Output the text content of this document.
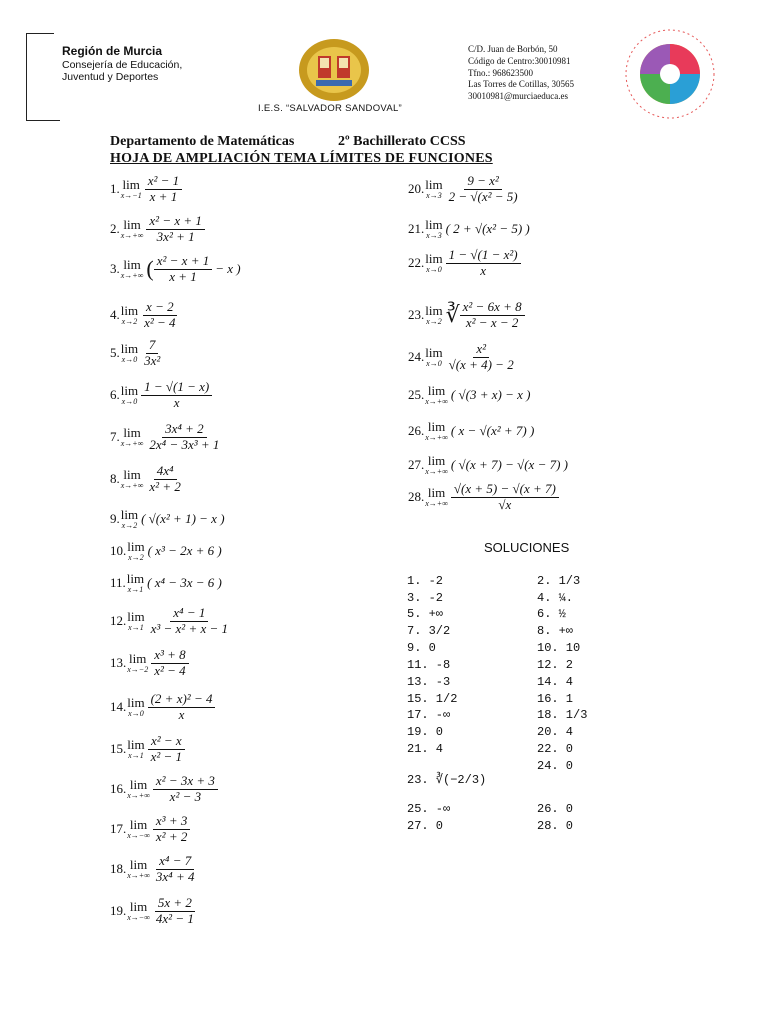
Región de Murcia
Consejería de Educación,
Juventud y Deportes
I.E.S. “SALVADOR SANDOVAL”
C/D. Juan de Borbón, 50
Código de Centro:30010981
Tfno.: 968623500
Las Torres de Cotillas, 30565
30010981@murciaeduca.es
Departamento de Matemáticas	2º Bachillerato CCSS
HOJA DE AMPLIACIÓN TEMA LÍMITES DE FUNCIONES
1. lim
$x\to-1 \frac{\text{x² − 1}}{x + 1}$
2. lim
$x\to+\infty \frac{\text{x² − x + 1}}{\text{3x² + 1}}$
3. lim
x→+∞ ( $\frac{\text{x² − x + 1}}{x + 1} - x$ )
4. lim
$x\to 2 \frac{x - 2}{\text{x² − 4}}$
5. lim
$x\to 0 \frac{7}{\text{3x²}}$
6. lim
$x\to 0 \frac{1 - √(1 - x)}{x}$
7. lim
$x\to+\infty \frac{\text{3x⁴ + 2}}{\text{2x⁴ − 3x³ + 1}}$
8. lim
$x\to+\infty \frac{\text{4x⁴}}{\text{x² + 2}}$
9. lim
x→2 ( √(x² + 1) − x )
10. lim
x→2 ( x³ − 2x + 6 )
11. lim
x→1 ( x⁴ − 3x − 6 )
12. lim
$x\to 1 \frac{\text{x⁴ − 1}}{\text{x³ − x² + x − 1}}$
13. lim
$x\to-2 \frac{\text{x³ + 8}}{\text{x² − 4}}$
14. lim
$x\to 0 \frac{\text{(2 + x)² − 4}}{x}$
15. lim
$x\to 1 \frac{\text{x² − x}}{\text{x² − 1}}$
16. lim
$x\to+\infty \frac{\text{x² − 3x + 3}}{\text{x² − 3}}$
17. lim
$x\to-\infty \frac{\text{x³ + 3}}{\text{x² + 2}}$
18. lim
$x\to+\infty \frac{\text{x⁴ − 7}}{\text{3x⁴ + 4}}$
19. lim
$x\to-\infty \frac{5x + 2}{\text{4x² − 1}}$
20. lim
$x\to 3 \frac{\text{9 − x²}}{\text{2 − √(x² − 5)}}$
21. lim
x→3 ( 2 + √(x² − 5) )
22. lim
$x\to 0 \frac{\text{1 − √(1 − x²)}}{x}$
23. lim
x→2 ∛ $\frac{\text{x² − 6x + 8}}{\text{x² − x − 2}}$
24. lim
$x\to 0 \frac{\text{x²}}{√(x + 4) - 2}$
25. lim
x→+∞ ( √(3 + x) − x )
26. lim
x→+∞ ( x − √(x² + 7) )
27. lim
x→+∞ ( √(x + 7) − √(x − 7) )
28. lim
$x\to+\infty \frac{√(x + 5) - √(x + 7)}{√x}$
SOLUCIONES
1. -2	2. 1/3
3. -2	4. ¼.
5. +∞	6. ½
7. 3/2	8. +∞
9. 0	10. 10
11. -8	12. 2
13. -3	14. 4
15. 1/2	16. 1
17. -∞	18. 1/3
19. 0	20. 4
21. 4	22. 0
23. ∛(−2/3)
24. 0
25. -∞	26. 0
27. 0	28. 0
